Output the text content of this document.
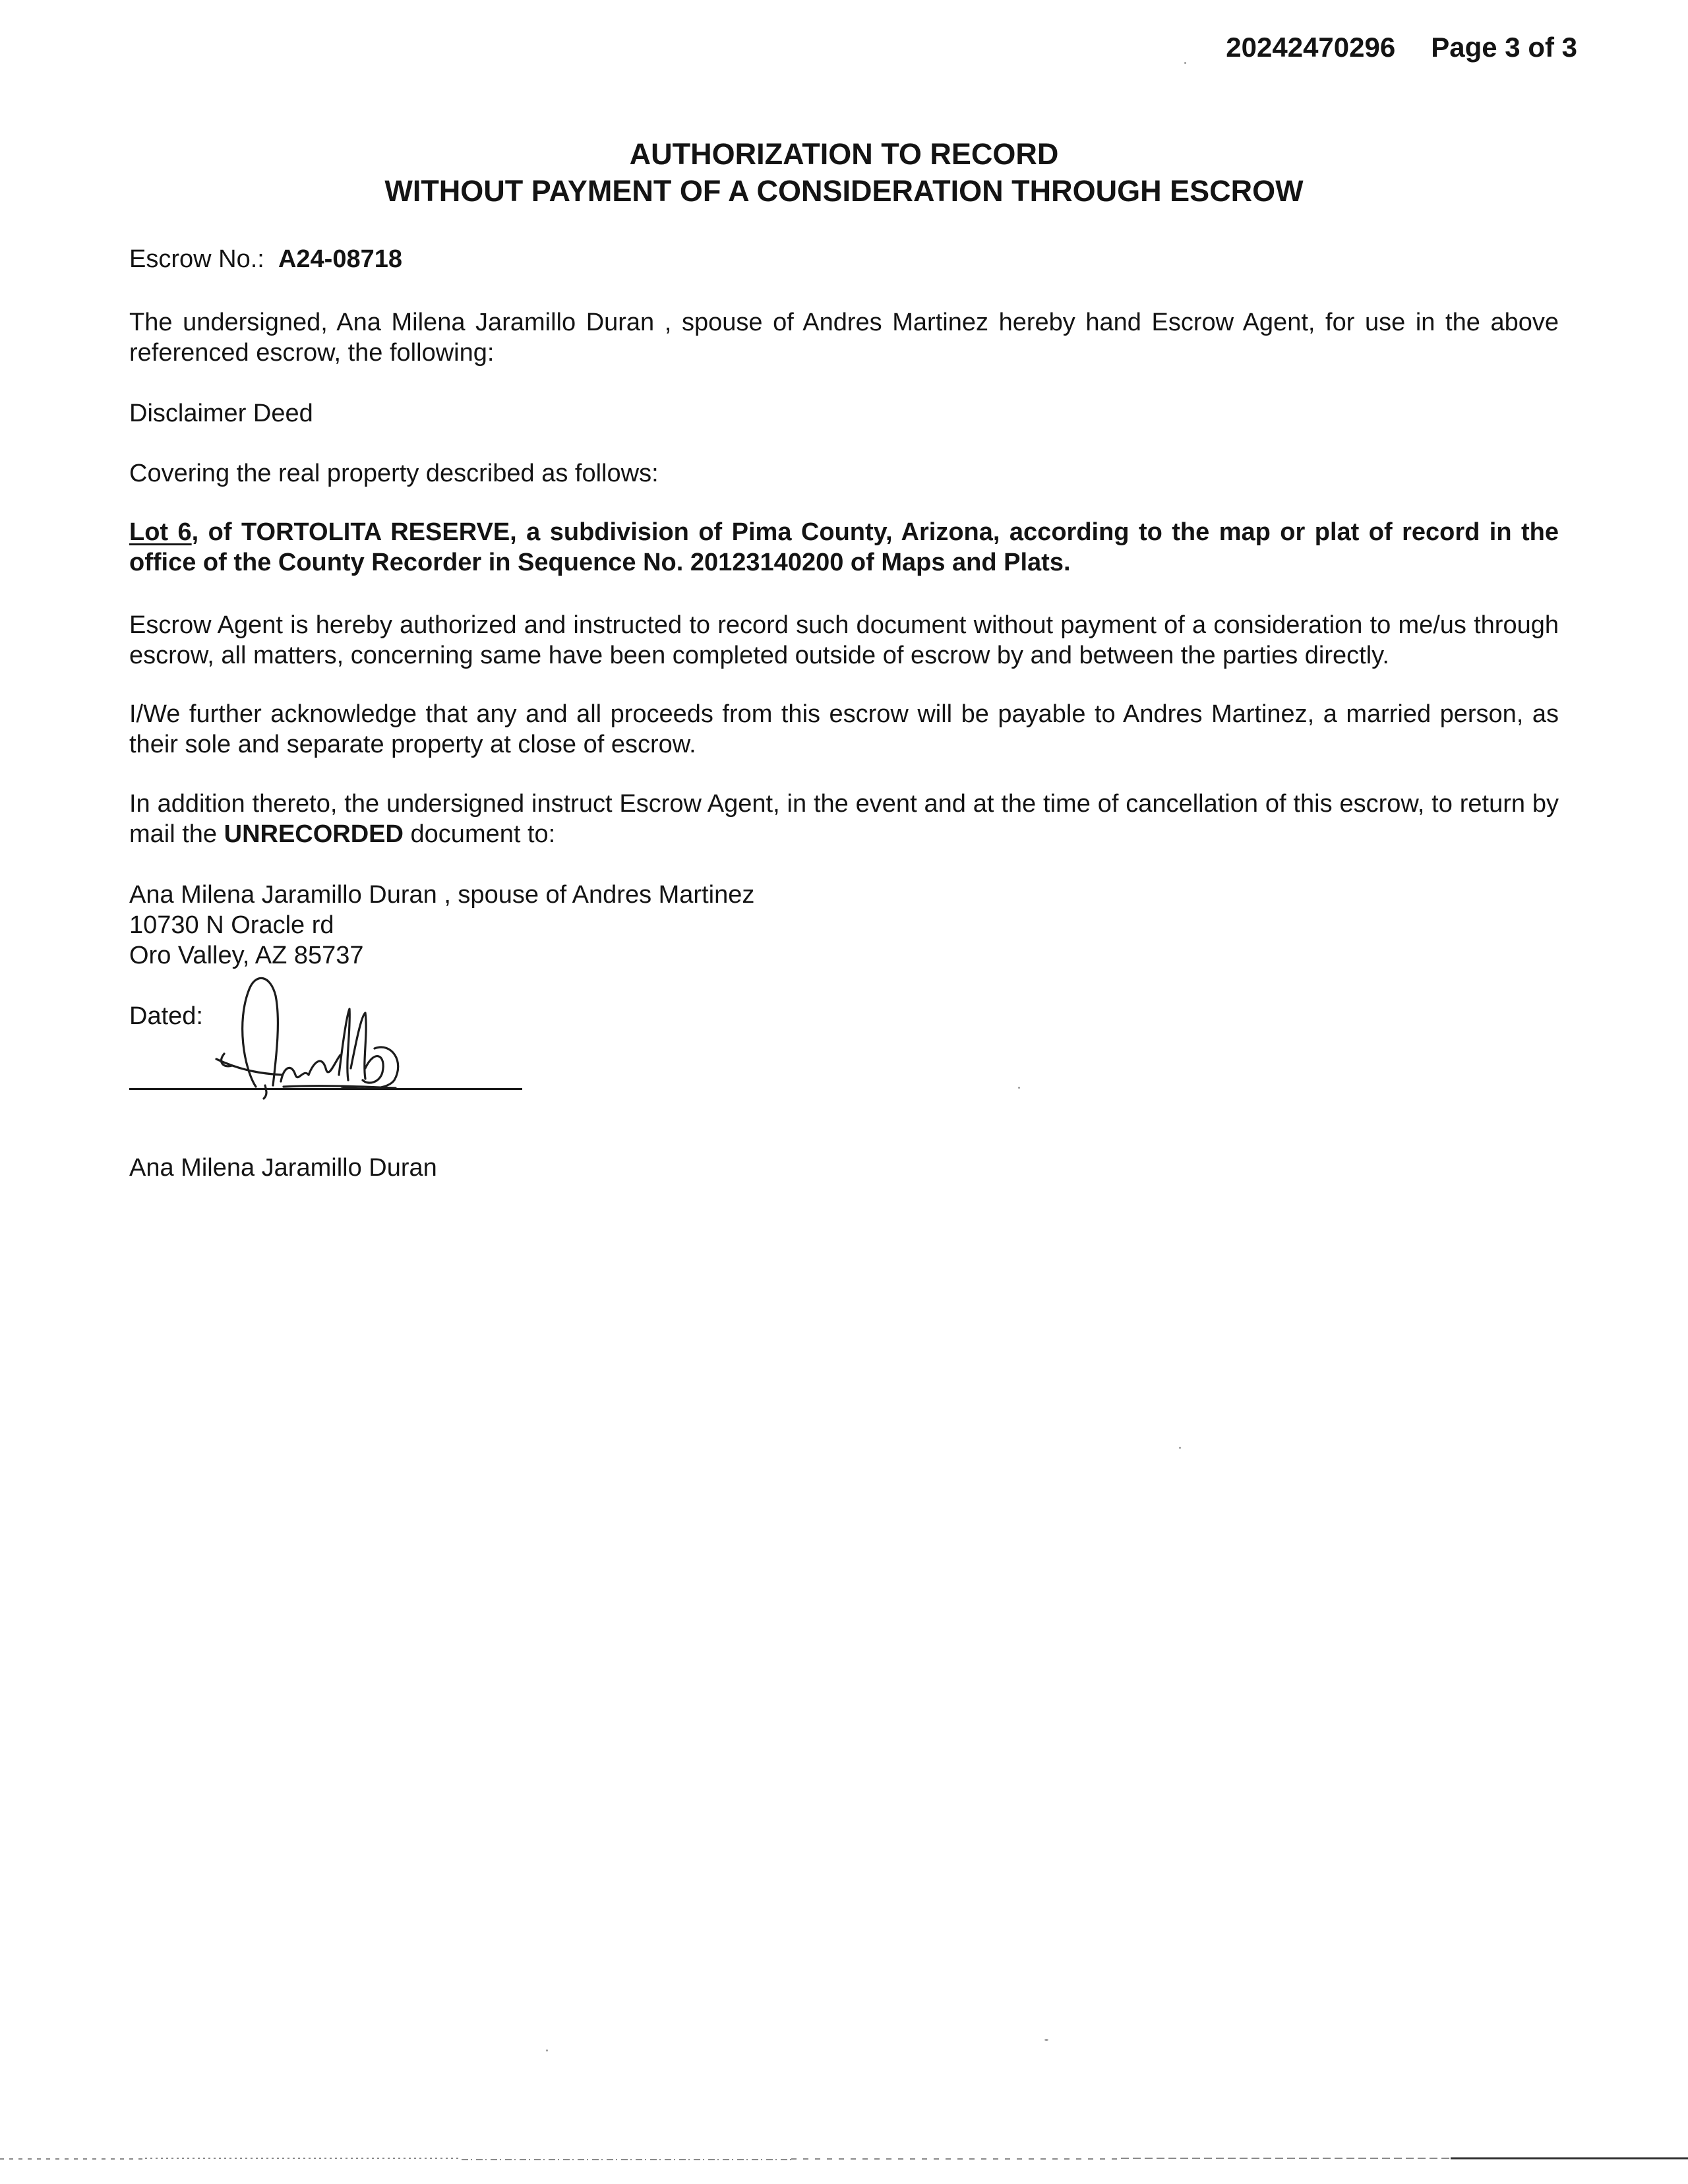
20242470296 Page 3 of 3
AUTHORIZATION TO RECORD
WITHOUT PAYMENT OF A CONSIDERATION THROUGH ESCROW
Escrow No.: A24-08718
The undersigned, Ana Milena Jaramillo Duran , spouse of Andres Martinez hereby hand Escrow Agent, for use in the above referenced escrow, the following:
Disclaimer Deed
Covering the real property described as follows:
Lot 6, of TORTOLITA RESERVE, a subdivision of Pima County, Arizona, according to the map or plat of record in the office of the County Recorder in Sequence No. 20123140200 of Maps and Plats.
Escrow Agent is hereby authorized and instructed to record such document without payment of a consideration to me/us through escrow, all matters, concerning same have been completed outside of escrow by and between the parties directly.
I/We further acknowledge that any and all proceeds from this escrow will be payable to Andres Martinez, a married person, as their sole and separate property at close of escrow.
In addition thereto, the undersigned instruct Escrow Agent, in the event and at the time of cancellation of this escrow, to return by mail the UNRECORDED document to:
Ana Milena Jaramillo Duran , spouse of Andres Martinez
10730 N Oracle rd
Oro Valley, AZ 85737
Dated:
Ana Milena Jaramillo Duran
